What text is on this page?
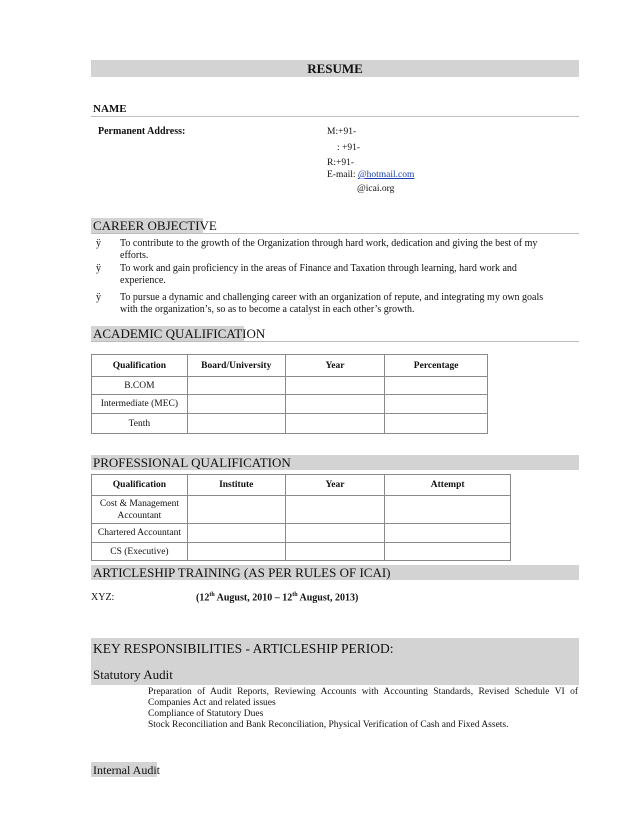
RESUME
NAME
Permanent Address:	M:+91-
: +91-
R:+91-
E-mail: @hotmail.com
@icai.org
CAREER OBJECTIVE
ÿ To contribute to the growth of the Organization through hard work, dedication and giving the best of my
efforts.
ÿ To work and gain proficiency in the areas of Finance and Taxation through learning, hard work and
experience.
ÿ To pursue a dynamic and challenging career with an organization of repute, and integrating my own goals
with the organization’s, so as to become a catalyst in each other’s growth.
ACADEMIC QUALIFICATION
Qualification	Board/University	Year	Percentage
B.COM			
Intermediate (MEC)			
Tenth			
PROFESSIONAL QUALIFICATION
Qualification	Institute	Year	Attempt
Cost & Management
Accountant			
Chartered Accountant			
CS (Executive)			
ARTICLESHIP TRAINING (AS PER RULES OF ICAI)
XYZ:	(12th August, 2010 – 12th August, 2013)
KEY RESPONSIBILITIES - ARTICLESHIP PERIOD:
Statutory Audit
Preparation of Audit Reports, Reviewing Accounts with Accounting Standards, Revised Schedule VI of
Companies Act and related issues
Compliance of Statutory Dues
Stock Reconciliation and Bank Reconciliation, Physical Verification of Cash and Fixed Assets.
Internal Audit
